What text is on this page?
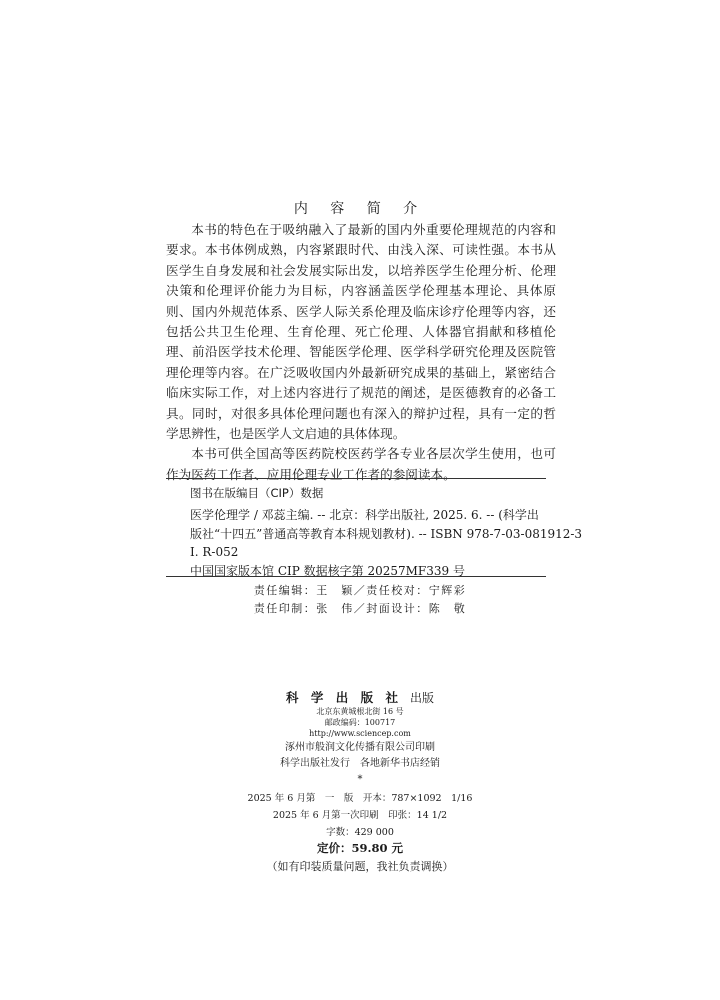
内 容 简 介

本书的特色在于吸纳融入了最新的国内外重要伦理规范的内容和要求。本书体例成熟，内容紧跟时代、由浅入深、可读性强。本书从医学生自身发展和社会发展实际出发，以培养医学生伦理分析、伦理决策和伦理评价能力为目标，内容涵盖医学伦理基本理论、具体原则、国内外规范体系、医学人际关系伦理及临床诊疗伦理等内容，还包括公共卫生伦理、生育伦理、死亡伦理、人体器官捐献和移植伦理、前沿医学技术伦理、智能医学伦理、医学科学研究伦理及医院管理伦理等内容。在广泛吸收国内外最新研究成果的基础上，紧密结合临床实际工作，对上述内容进行了规范的阐述，是医德教育的必备工具。同时，对很多具体伦理问题也有深入的辩护过程，具有一定的哲学思辨性，也是医学人文启迪的具体体现。

本书可供全国高等医药院校医药学各专业各层次学生使用，也可作为医药工作者、应用伦理专业工作者的参阅读本。

图书在版编目（CIP）数据
医学伦理学 / 邓蕊主编. -- 北京：科学出版社, 2025. 6. -- (科学出
版社“十四五”普通高等教育本科规划教材). -- ISBN 978-7-03-081912-3
Ⅰ. R-052
中国国家版本馆 CIP 数据核字第 20257MF339 号
责任编辑：王　颖／责任校对：宁辉彩
责任印制：张　伟／封面设计：陈　敬
科 学 出 版 社 出版
北京东黄城根北街 16 号
邮政编码：100717
http://www.sciencep.com
涿州市般润文化传播有限公司印刷
科学出版社发行　各地新华书店经销
*
2025 年 6 月第　一　版　开本：787×1092　1/16
2025 年 6 月第一次印刷　印张：14 1/2
字数：429 000
定价：59.80 元
（如有印装质量问题，我社负责调换）
